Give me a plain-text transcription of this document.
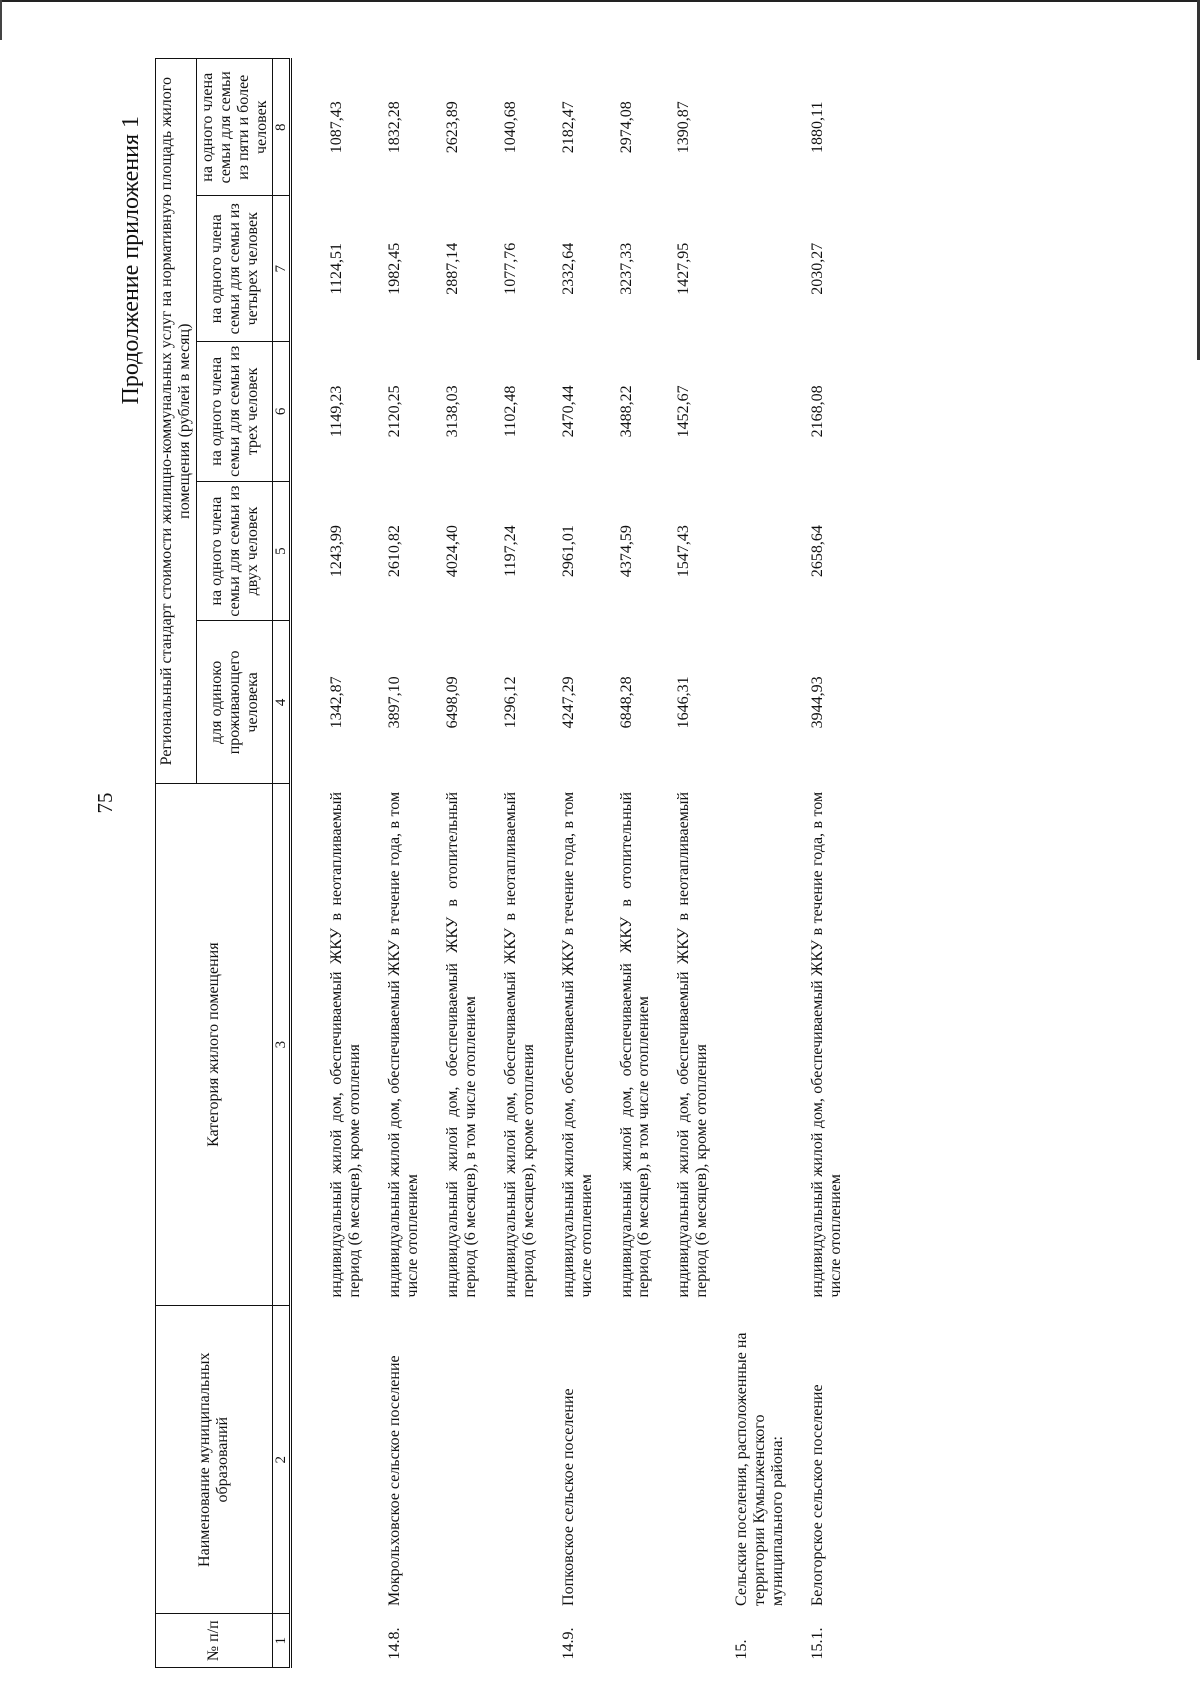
75
Продолжение приложения 1
№ п/п	Наименование муниципальных образований	Категория жилого помещения	Региональный стандарт стоимости жилищно-коммунальных услуг на нормативную площадь жилого помещения (рублей в месяц)				
			для одиноко проживающего человека	на одного члена семьи для семьи из двух человек	на одного члена семьи для семьи из трех человек	на одного члена семьи для семьи из четырех человек	на одного члена семьи для семьи из пяти и более человек
1	2	3	4	5	6	7	8

		индивидуальный жилой дом, обеспечиваемый ЖКУ в неотапливаемый период (6 месяцев), кроме отопления	1342,87	1243,99	1149,23	1124,51	1087,43
14.8.	Мокрольховское сельское поселение	индивидуальный жилой дом, обеспечиваемый ЖКУ в течение года, в том числе отоплением	3897,10	2610,82	2120,25	1982,45	1832,28
		индивидуальный жилой дом, обеспечиваемый ЖКУ в отопительный период (6 месяцев), в том числе отоплением	6498,09	4024,40	3138,03	2887,14	2623,89
		индивидуальный жилой дом, обеспечиваемый ЖКУ в неотапливаемый период (6 месяцев), кроме отопления	1296,12	1197,24	1102,48	1077,76	1040,68
14.9.	Попковское сельское поселение	индивидуальный жилой дом, обеспечиваемый ЖКУ в течение года, в том числе отоплением	4247,29	2961,01	2470,44	2332,64	2182,47
		индивидуальный жилой дом, обеспечиваемый ЖКУ в отопительный период (6 месяцев), в том числе отоплением	6848,28	4374,59	3488,22	3237,33	2974,08
		индивидуальный жилой дом, обеспечиваемый ЖКУ в неотапливаемый период (6 месяцев), кроме отопления	1646,31	1547,43	1452,67	1427,95	1390,87
15.	Сельские поселения, расположенные на территории Кумылженского муниципального района:						
15.1.	Белогорское сельское поселение	индивидуальный жилой дом, обеспечиваемый ЖКУ в течение года, в том числе отоплением	3944,93	2658,64	2168,08	2030,27	1880,11
